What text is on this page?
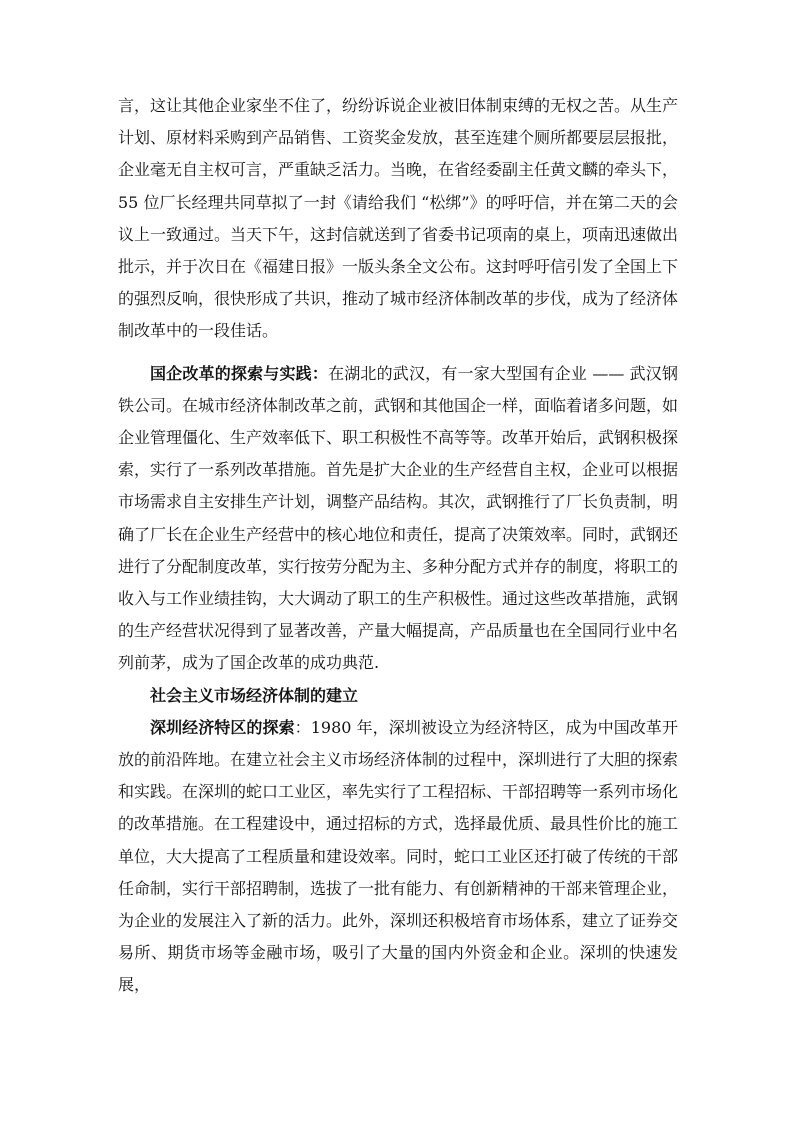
言，这让其他企业家坐不住了，纷纷诉说企业被旧体制束缚的无权之苦。从生产计划、原材料采购到产品销售、工资奖金发放，甚至连建个厕所都要层层报批，企业毫无自主权可言，严重缺乏活力。当晚，在省经委副主任黄文麟的牵头下，55 位厂长经理共同草拟了一封《请给我们 “松绑”》的呼吁信，并在第二天的会议上一致通过。当天下午，这封信就送到了省委书记项南的桌上，项南迅速做出批示，并于次日在《福建日报》一版头条全文公布。这封呼吁信引发了全国上下的强烈反响，很快形成了共识，推动了城市经济体制改革的步伐，成为了经济体制改革中的一段佳话。

国企改革的探索与实践：在湖北的武汉，有一家大型国有企业 —— 武汉钢铁公司。在城市经济体制改革之前，武钢和其他国企一样，面临着诸多问题，如企业管理僵化、生产效率低下、职工积极性不高等等。改革开始后，武钢积极探索，实行了一系列改革措施。首先是扩大企业的生产经营自主权，企业可以根据市场需求自主安排生产计划，调整产品结构。其次，武钢推行了厂长负责制，明确了厂长在企业生产经营中的核心地位和责任，提高了决策效率。同时，武钢还进行了分配制度改革，实行按劳分配为主、多种分配方式并存的制度，将职工的收入与工作业绩挂钩，大大调动了职工的生产积极性。通过这些改革措施，武钢的生产经营状况得到了显著改善，产量大幅提高，产品质量也在全国同行业中名列前茅，成为了国企改革的成功典范.

社会主义市场经济体制的建立

深圳经济特区的探索：1980 年，深圳被设立为经济特区，成为中国改革开放的前沿阵地。在建立社会主义市场经济体制的过程中，深圳进行了大胆的探索和实践。在深圳的蛇口工业区，率先实行了工程招标、干部招聘等一系列市场化的改革措施。在工程建设中，通过招标的方式，选择最优质、最具性价比的施工单位，大大提高了工程质量和建设效率。同时，蛇口工业区还打破了传统的干部任命制，实行干部招聘制，选拔了一批有能力、有创新精神的干部来管理企业，为企业的发展注入了新的活力。此外，深圳还积极培育市场体系，建立了证券交易所、期货市场等金融市场，吸引了大量的国内外资金和企业。深圳的快速发展，
